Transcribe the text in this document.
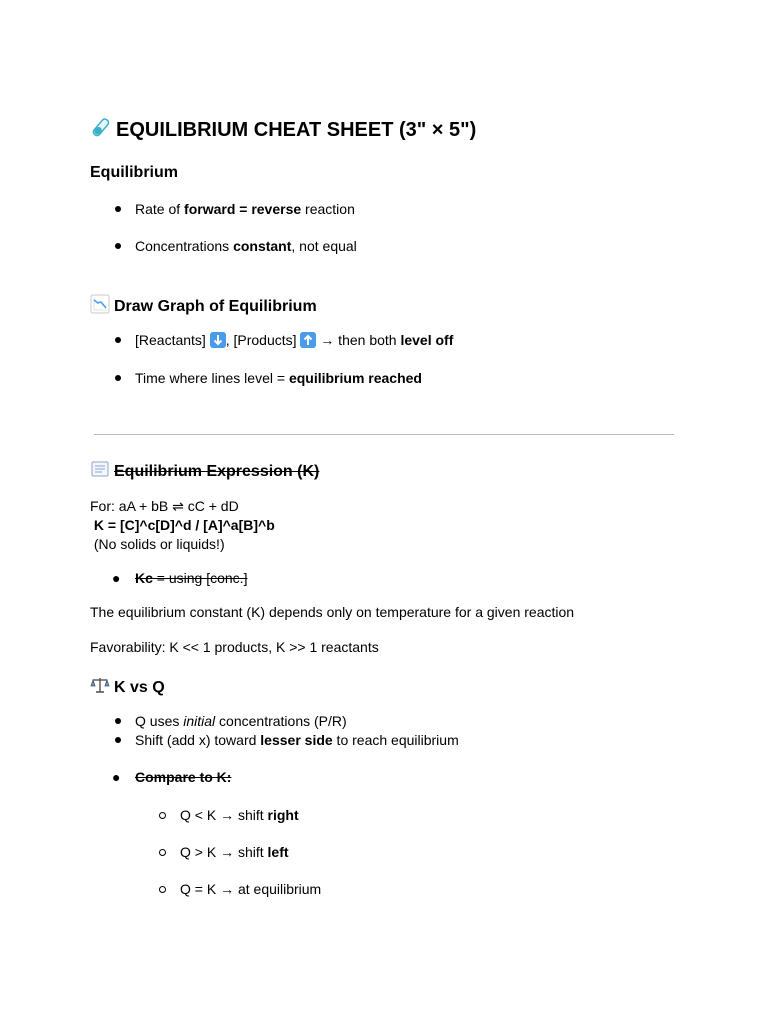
EQUILIBRIUM CHEAT SHEET (3" × 5")
Equilibrium
Rate of forward = reverse reaction
Concentrations constant, not equal
Draw Graph of Equilibrium
[Reactants]
, [Products]
→ then both level off
Time where lines level = equilibrium reached
Equilibrium Expression (K)
For: aA + bB ⇌ cC + dD
K = [C]^c[D]^d / [A]^a[B]^b
(No solids or liquids!)
● Kc = using [conc.]
The equilibrium constant (K) depends only on temperature for a given reaction
Favorability: K << 1 products, K >> 1 reactants
K vs Q
Q uses initial concentrations (P/R)
Shift (add x) toward lesser side to reach equilibrium
● Compare to K:
Q < K → shift right
Q > K → shift left
Q = K → at equilibrium
